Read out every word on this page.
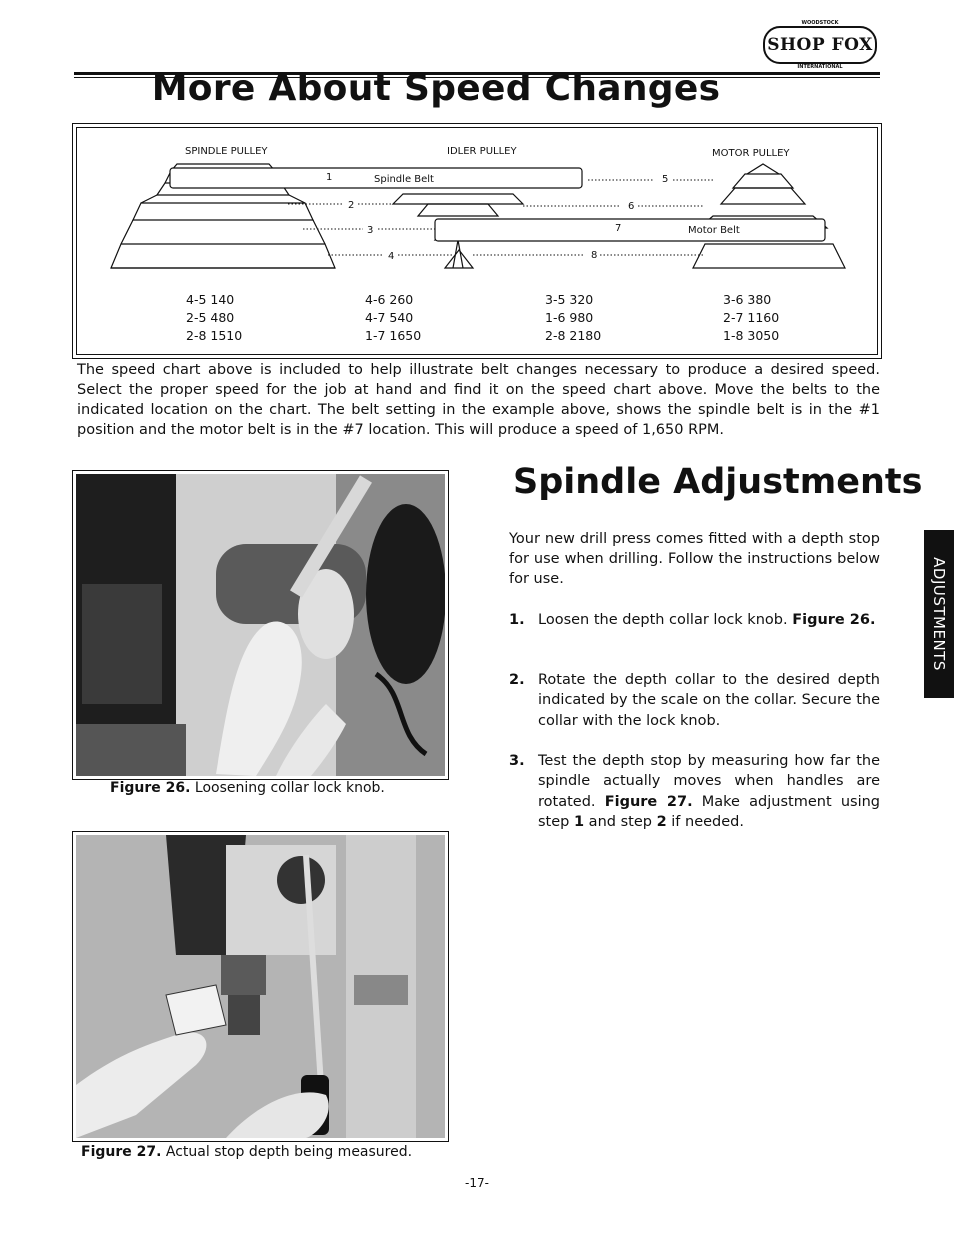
WOODSTOCK
SHOP FOX
INTERNATIONAL
More About Speed Changes
SPINDLE PULLEY	IDLER PULLEY	MOTOR PULLEY
Spindle Belt
Motor Belt
1
2
3
4
5
6
7
8
4-5 140
2-5 480
2-8 1510
4-6 260
4-7 540
1-7 1650
3-5 320
1-6 980
2-8 2180
3-6 380
2-7 1160
1-8 3050
The speed chart above is included to help illustrate belt changes necessary to produce a desired speed. Select the proper speed for the job at hand and find it on the speed chart above. Move the belts to the indicated location on the chart. The belt setting in the example above, shows the spindle belt is in the #1 position and the motor belt is in the #7 location. This will produce a speed of 1,650 RPM.
Figure 26. Loosening collar lock knob.
Figure 27. Actual stop depth being measured.
Spindle Adjustments
Your new drill press comes fitted with a depth stop for use when drilling. Follow the instructions below for use.
1. Loosen the depth collar lock knob. Figure 26.
2. Rotate the depth collar to the desired depth indicated by the scale on the collar. Secure the collar with the lock knob.
3. Test the depth stop by measuring how far the spindle actually moves when handles are rotated. Figure 27. Make adjustment using step 1 and step 2 if needed.
ADJUSTMENTS
-17-
